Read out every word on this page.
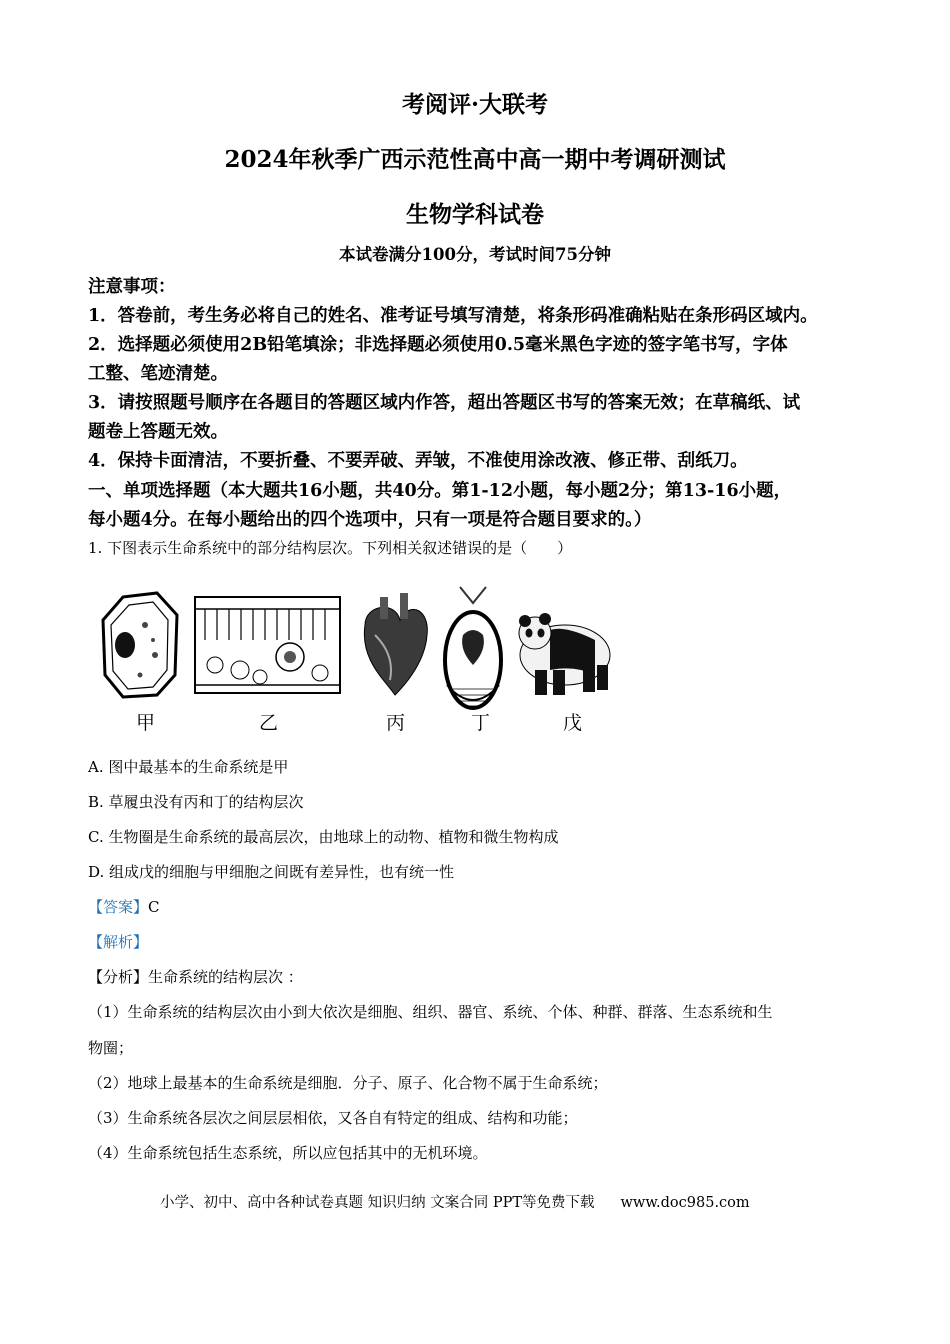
考阅评·大联考
2024年秋季广西示范性高中高一期中考调研测试
生物学科试卷
本试卷满分100分，考试时间75分钟
注意事项：
1．答卷前，考生务必将自己的姓名、准考证号填写清楚，将条形码准确粘贴在条形码区域内。
2．选择题必须使用2B铅笔填涂；非选择题必须使用0.5毫米黑色字迹的签字笔书写，字体
工整、笔迹清楚。
3．请按照题号顺序在各题目的答题区域内作答，超出答题区书写的答案无效；在草稿纸、试
题卷上答题无效。
4．保持卡面清洁，不要折叠、不要弄破、弄皱，不准使用涂改液、修正带、刮纸刀。
一、单项选择题（本大题共16小题，共40分。第1-12小题，每小题2分；第13-16小题，
每小题4分。在每小题给出的四个选项中，只有一项是符合题目要求的。）
1. 下图表示生命系统中的部分结构层次。下列相关叙述错误的是（　　）
甲	乙	丙	丁	戊
A. 图中最基本的生命系统是甲
B. 草履虫没有丙和丁的结构层次
C. 生物圈是生命系统的最高层次，由地球上的动物、植物和微生物构成
D. 组成戊的细胞与甲细胞之间既有差异性，也有统一性
【答案】C
【解析】
【分析】生命系统的结构层次 ：
（1）生命系统的结构层次由小到大依次是细胞、组织、器官、系统、个体、种群、群落、生态系统和生
物圈；
（2）地球上最基本的生命系统是细胞．分子、原子、化合物不属于生命系统；
（3）生命系统各层次之间层层相依，又各自有特定的组成、结构和功能；
（4）生命系统包括生态系统，所以应包括其中的无机环境。
小学、初中、高中各种试卷真题 知识归纳 文案合同 PPT等免费下载 www.doc985.com
